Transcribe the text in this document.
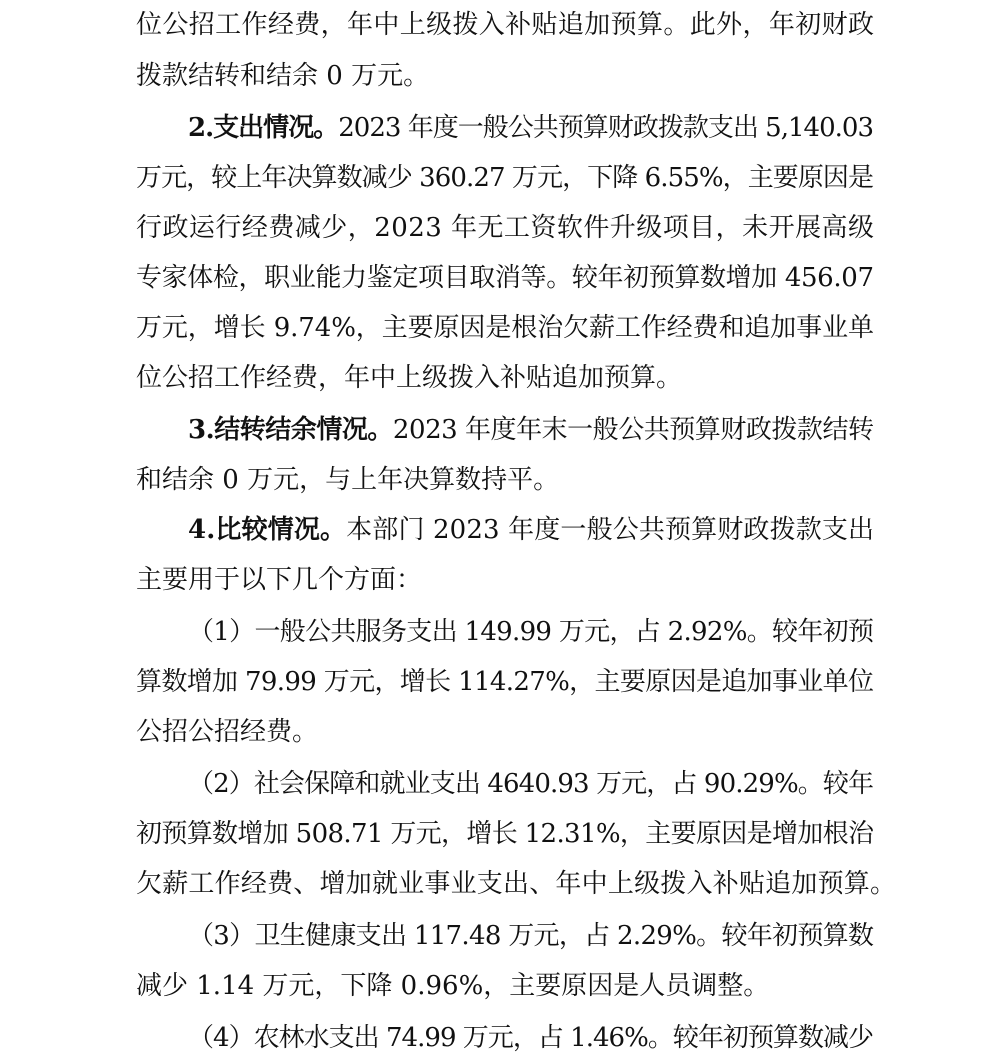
位公招工作经费，年中上级拨入补贴追加预算。此外，年初财政
拨款结转和结余 0 万元。
2.支出情况。2023 年度一般公共预算财政拨款支出 5,140.03
万元，较上年决算数减少 360.27 万元，下降 6.55%，主要原因是
行政运行经费减少，2023 年无工资软件升级项目，未开展高级
专家体检，职业能力鉴定项目取消等。较年初预算数增加 456.07
万元，增长 9.74%，主要原因是根治欠薪工作经费和追加事业单
位公招工作经费，年中上级拨入补贴追加预算。
3.结转结余情况。2023 年度年末一般公共预算财政拨款结转
和结余 0 万元，与上年决算数持平。
4.比较情况。本部门 2023 年度一般公共预算财政拨款支出
主要用于以下几个方面：
（1）一般公共服务支出 149.99 万元，占 2.92%。较年初预
算数增加 79.99 万元，增长 114.27%，主要原因是追加事业单位
公招公招经费。
（2）社会保障和就业支出 4640.93 万元，占 90.29%。较年
初预算数增加 508.71 万元，增长 12.31%，主要原因是增加根治
欠薪工作经费、增加就业事业支出、年中上级拨入补贴追加预算。
（3）卫生健康支出 117.48 万元，占 2.29%。较年初预算数
减少 1.14 万元，下降 0.96%，主要原因是人员调整。
（4）农林水支出 74.99 万元，占 1.46%。较年初预算数减少
